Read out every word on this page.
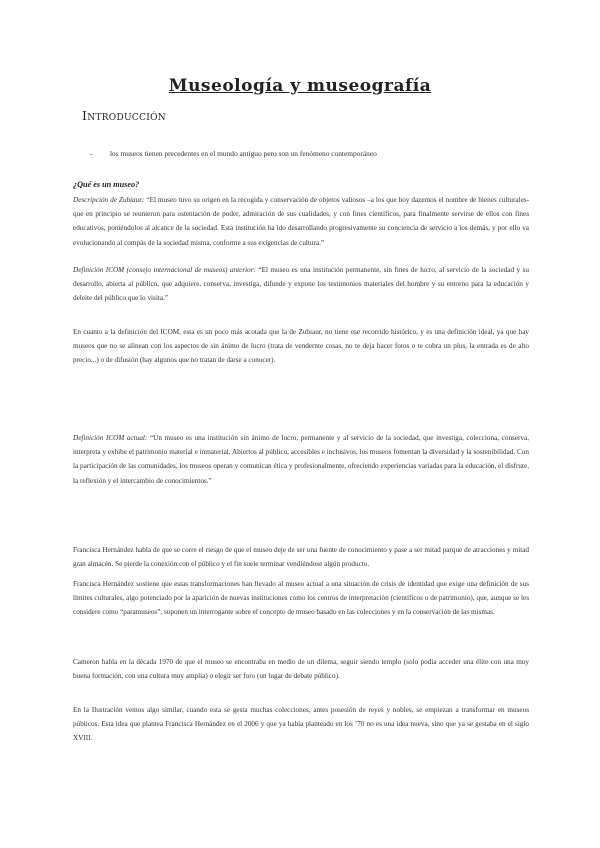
Museología y museografía
Introducción
- los museos tienen precedentes en el mundo antiguo pero son un fenómeno contemporáneo
¿Qué es un museo?
Descripción de Zubiaur: “El museo tuvo su origen en la recogida y conservación de objetos valiosos –a los que hoy dazemos el nombre de bienes culturales- que en principio se reunieron para ostentación de poder, admiración de sus cualidades, y con fines científicos, para finalmente servirse de ellos con fines educativos, poniéndolos al alcance de la sociedad. Esta institución ha ido desarrollando progresivamente su conciencia de servicio a los demás, y por ello va evolucionando al compás de la sociedad misma, conforme a sus exigencias de cultura.”
Definición ICOM (consejo internacional de museos) anterior: “El museo es una institución permanente, sin fines de lucro, al servicio de la sociedad y su desarrollo, abierta al público, que adquiere, conserva, investiga, difunde y expone los testimonios materiales del hombre y su entorno para la educación y deleite del público que lo visita.”
En cuanto a la definición del ICOM, esta es un poco más acotada que la de Zubiaur, no tiene ese recorrido histórico, y es una definición ideal, ya que hay museos que no se alinean con los aspectos de sin ánimo de lucro (trata de vendernte cosas, no te deja hacer fotos o te cobra un plus, la entrada es de alto precio...) o de difusión (hay algunos que no tratan de darse a conocer).
Definición ICOM actual: “Un museo es una institución sin ánimo de lucro, permanente y al servicio de la sociedad, que investiga, colecciona, conserva, interpreta y exhibe el patrimonio material e inmaterial. Abiertos al público, accesibles e inclusivos, los museos fomentan la diversidad y la sostenibilidad. Con la participación de las comunidades, los museos operan y comunican ética y profesionalmente, ofreciendo experiencias variadas para la educación, el disfrute, la reflexión y el intercambio de conocimientos.”
Francisca Hernández habla de que se corre el riesgo de que el museo deje de ser una fuente de conocimiento y pase a ser mitad parque de atracciones y mitad gran almacén. Se pierde la conexión con el público y el fin suele terminar vendiéndose algún producto.
Francisca Hernández sostiene que estas transformaciones han llevado al museo actual a una situación de crisis de identidad que exige una definición de sus límites culturales, algo potenciado por la aparición de nuevas instituciones como los centros de interpretación (científicos o de patrimonio), que, aunque se les considere como “paramuseos”, suponen un interrogante sobre el concepto de museo basado en las colecciones y en la conservación de las mismas.
Cameron habla en la década 1970 de que el museo se encontraba en medio de un dilema, seguir siendo templo (solo podía acceder una élite con una muy buena formación, con una cultura muy amplia) o elegir ser foro (un lugar de debate público).
En la Ilustración vemos algo similar, cuando esta se gesta muchas colecciones, antes posesión de reyes y nobles, se empiezan a transformar en museos públicos. Esta idea que plantea Francisca Hernández en el 2006 y que ya había planteado en los ’70 no es una idea nueva, sino que ya se gestaba en el siglo XVIII.
